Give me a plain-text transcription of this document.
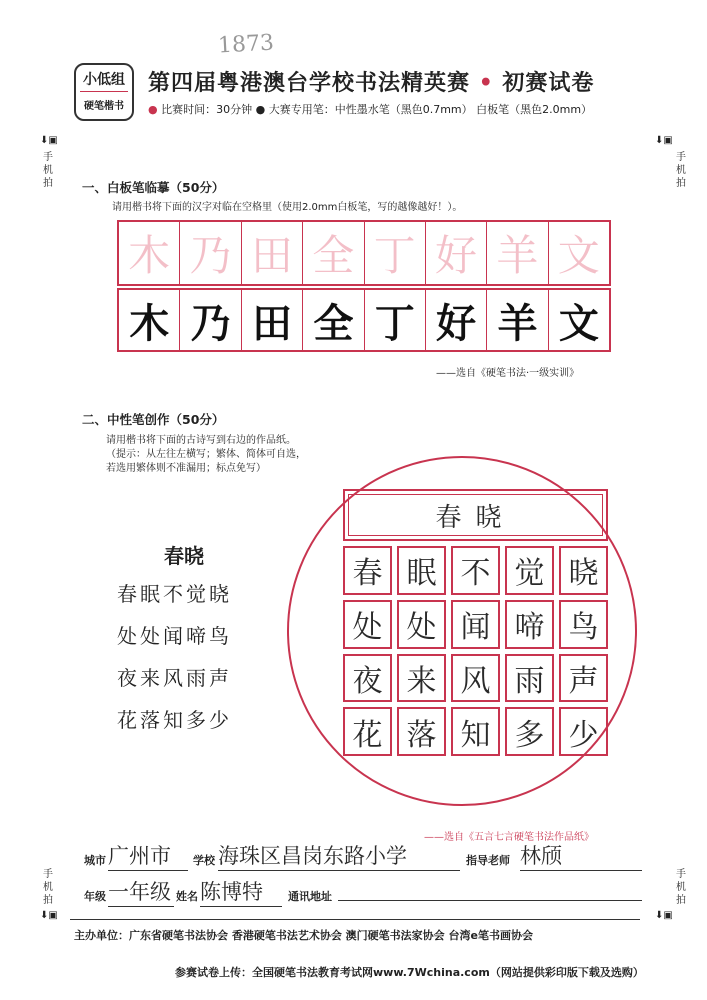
1873
小低组
硬笔楷书
第四届粤港澳台学校书法精英赛 • 初赛试卷
● 比赛时间：30分钟 ● 大赛专用笔：中性墨水笔（黑色0.7mm） 白板笔（黑色2.0mm）
⬇▣
手机拍
⬇▣
手机拍
手机拍
⬇▣
手机拍
⬇▣
一、白板笔临摹（50分）
请用楷书将下面的汉字对临在空格里（使用2.0mm白板笔，写的越像越好！）。
木 乃 田 全 丁 好 羊 文
木 乃 田 全 丁 好 羊 文
——选自《硬笔书法·一级实训》
二、中性笔创作（50分）
请用楷书将下面的古诗写到右边的作品纸。
（提示：从左往左横写；繁体、简体可自选，
若选用繁体则不准漏用；标点免写）
春晓
春眠不觉晓
处处闻啼鸟
夜来风雨声
花落知多少
春晓
春 眠 不 觉 晓
处 处 闻 啼 鸟
夜 来 风 雨 声
花 落 知 多 少
——选自《五言七言硬笔书法作品纸》
城市 广州市	学校 海珠区昌岗东路小学	指导老师 林颀
年级 一年级 姓名 陈博特	通讯地址
主办单位：广东省硬笔书法协会 香港硬笔书法艺术协会 澳门硬笔书法家协会 台湾e笔书画协会
参赛试卷上传：全国硬笔书法教育考试网www.7Wchina.com（网站提供彩印版下载及选购）
